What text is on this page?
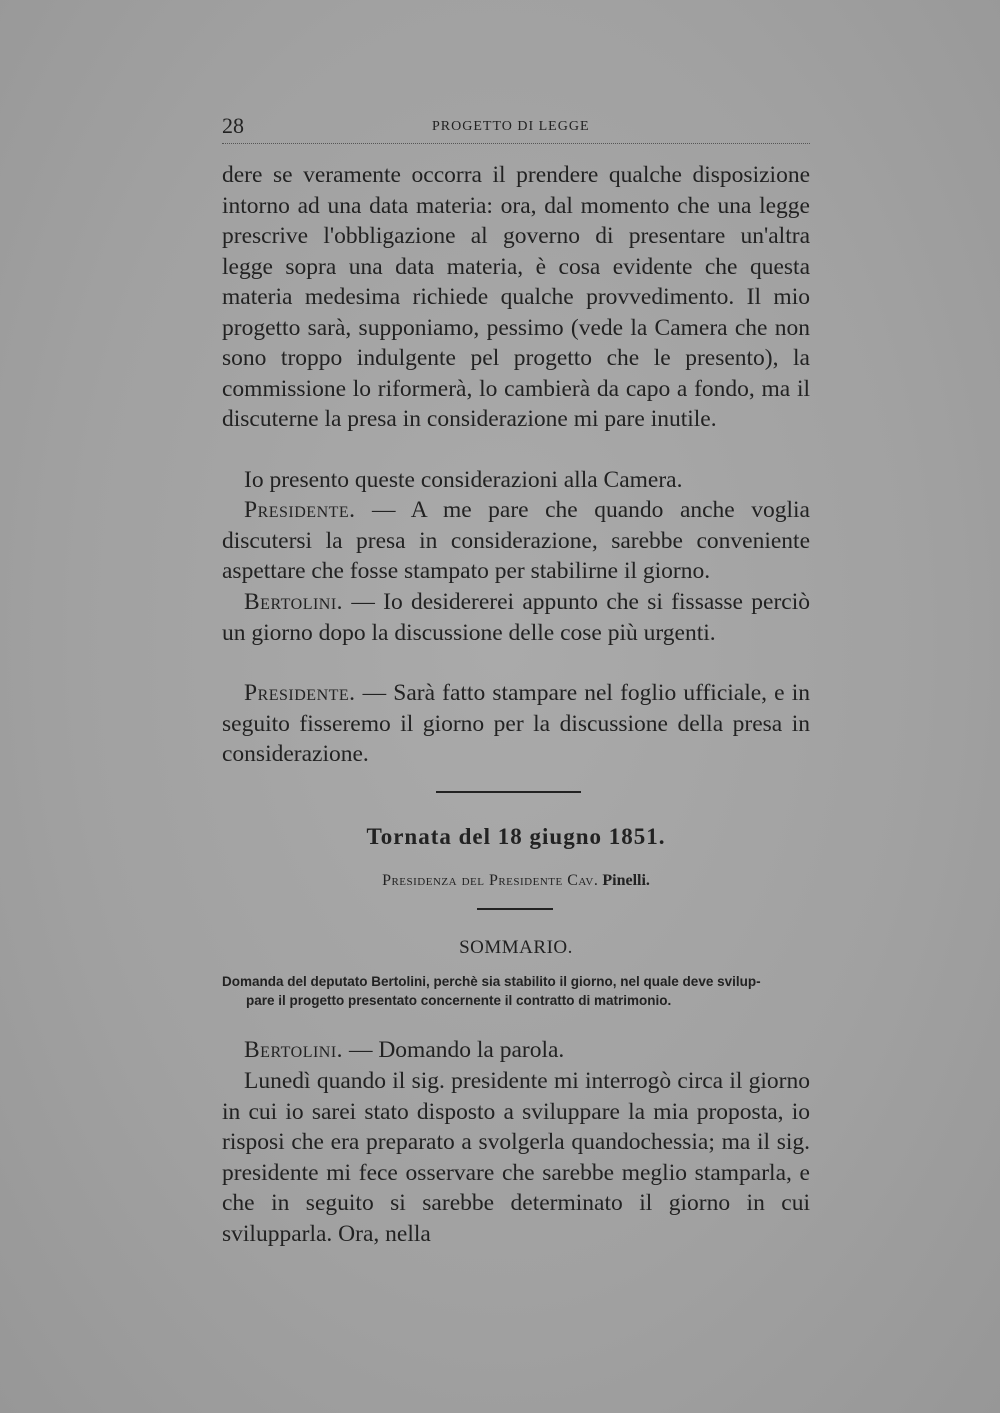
28	PROGETTO DI LEGGE

dere se veramente occorra il prendere qualche disposizione intorno ad una data materia: ora, dal momento che una legge prescrive l'obbligazione al governo di presentare un'altra legge sopra una data materia, è cosa evidente che questa materia medesima richiede qualche provvedimento. Il mio progetto sarà, supponiamo, pessimo (vede la Camera che non sono troppo indulgente pel progetto che le presento), la commissione lo riformerà, lo cambierà da capo a fondo, ma il discuterne la presa in considerazione mi pare inutile.

Io presento queste considerazioni alla Camera.

Presidente. — A me pare che quando anche voglia discutersi la presa in considerazione, sarebbe conveniente aspettare che fosse stampato per stabilirne il giorno.

Bertolini. — Io desidererei appunto che si fissasse perciò un giorno dopo la discussione delle cose più urgenti.

Presidente. — Sarà fatto stampare nel foglio ufficiale, e in seguito fisseremo il giorno per la discussione della presa in considerazione.

Tornata del 18 giugno 1851.
Presidenza del Presidente Cav. Pinelli.
SOMMARIO.
Domanda del deputato Bertolini, perchè sia stabilito il giorno, nel quale deve svilup-
pare il progetto presentato concernente il contratto di matrimonio.

Bertolini. — Domando la parola.

Lunedì quando il sig. presidente mi interrogò circa il giorno in cui io sarei stato disposto a sviluppare la mia proposta, io risposi che era preparato a svolgerla quandochessia; ma il sig. presidente mi fece osservare che sarebbe meglio stamparla, e che in seguito si sarebbe determinato il giorno in cui svilupparla. Ora, nella
